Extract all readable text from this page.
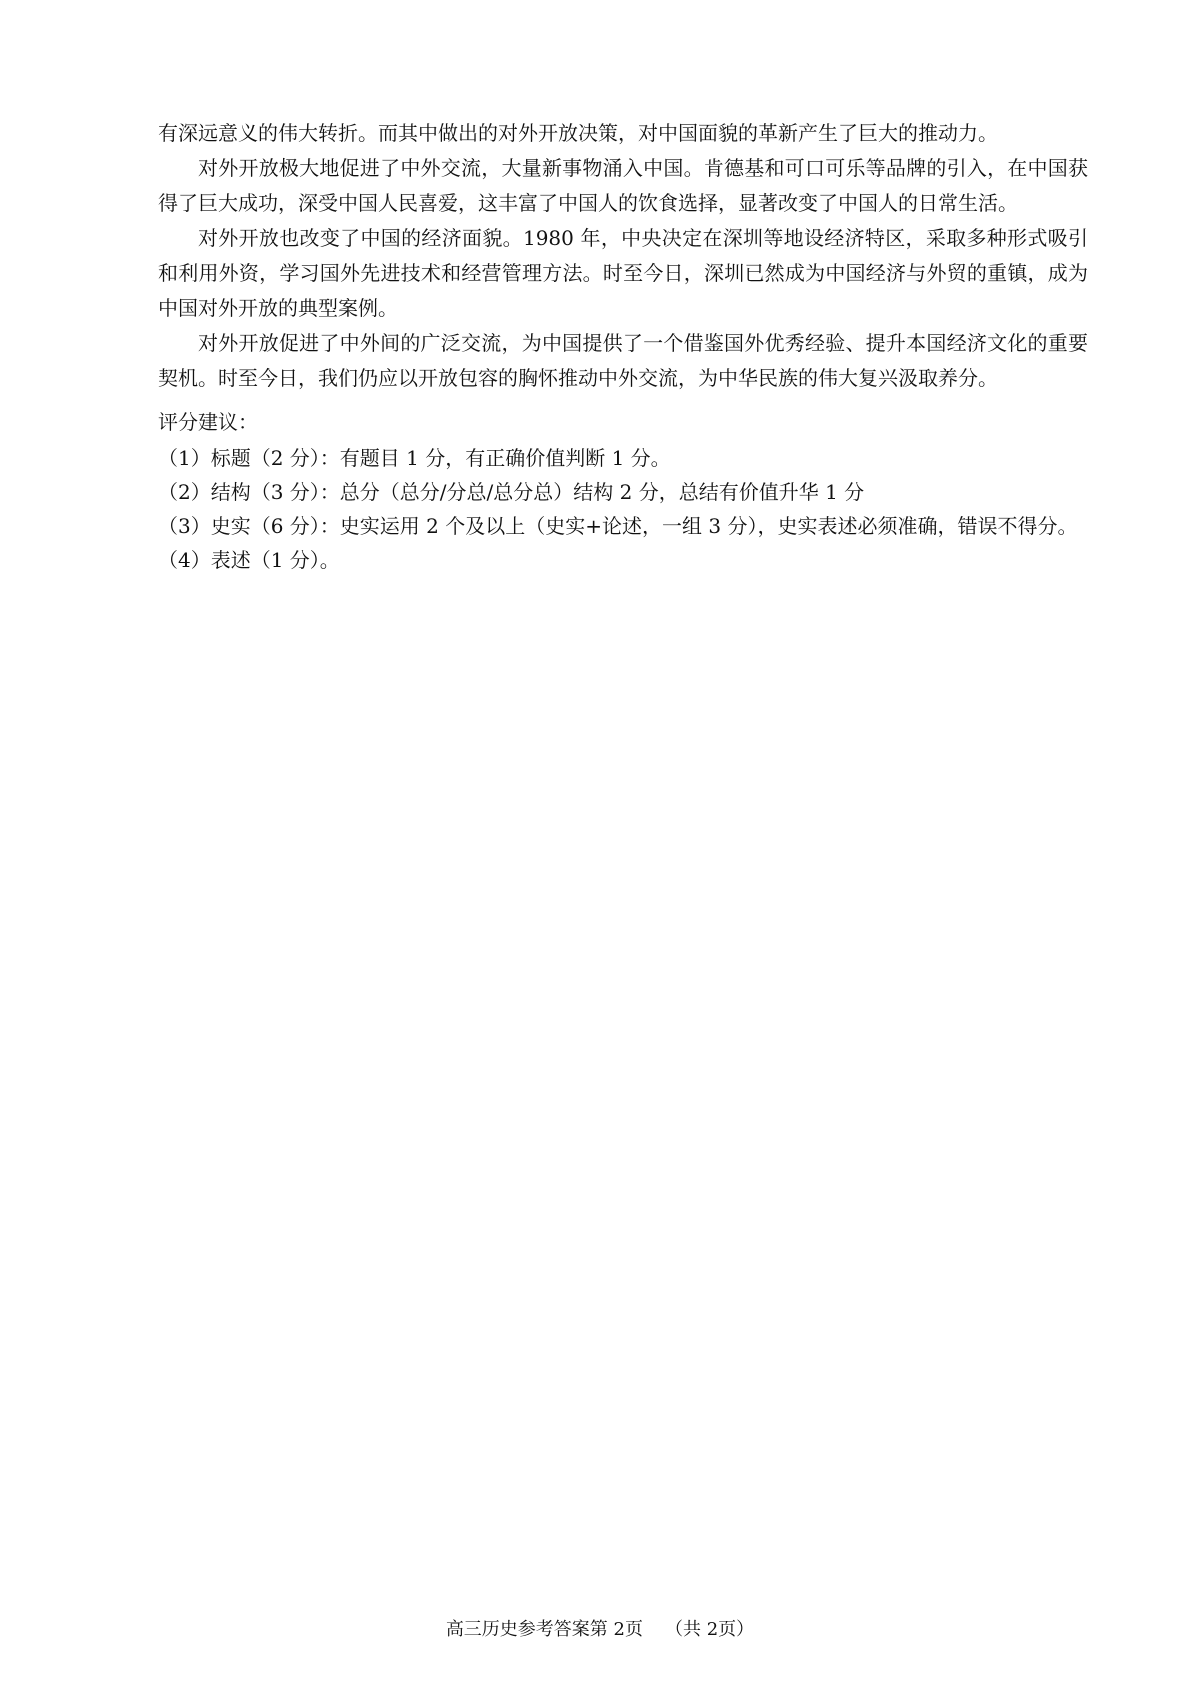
有深远意义的伟大转折。而其中做出的对外开放决策，对中国面貌的革新产生了巨大的推动力。

对外开放极大地促进了中外交流，大量新事物涌入中国。肯德基和可口可乐等品牌的引入，在中国获得了巨大成功，深受中国人民喜爱，这丰富了中国人的饮食选择，显著改变了中国人的日常生活。

对外开放也改变了中国的经济面貌。1980 年，中央决定在深圳等地设经济特区，采取多种形式吸引和利用外资，学习国外先进技术和经营管理方法。时至今日，深圳已然成为中国经济与外贸的重镇，成为中国对外开放的典型案例。

对外开放促进了中外间的广泛交流，为中国提供了一个借鉴国外优秀经验、提升本国经济文化的重要契机。时至今日，我们仍应以开放包容的胸怀推动中外交流，为中华民族的伟大复兴汲取养分。

评分建议：

（1）标题（2 分）：有题目 1 分，有正确价值判断 1 分。

（2）结构（3 分）：总分（总分/分总/总分总）结构 2 分，总结有价值升华 1 分

（3）史实（6 分）：史实运用 2 个及以上（史实+论述，一组 3 分），史实表述必须准确，错误不得分。

（4）表述（1 分）。

高三历史参考答案第 2页 （共 2页）
